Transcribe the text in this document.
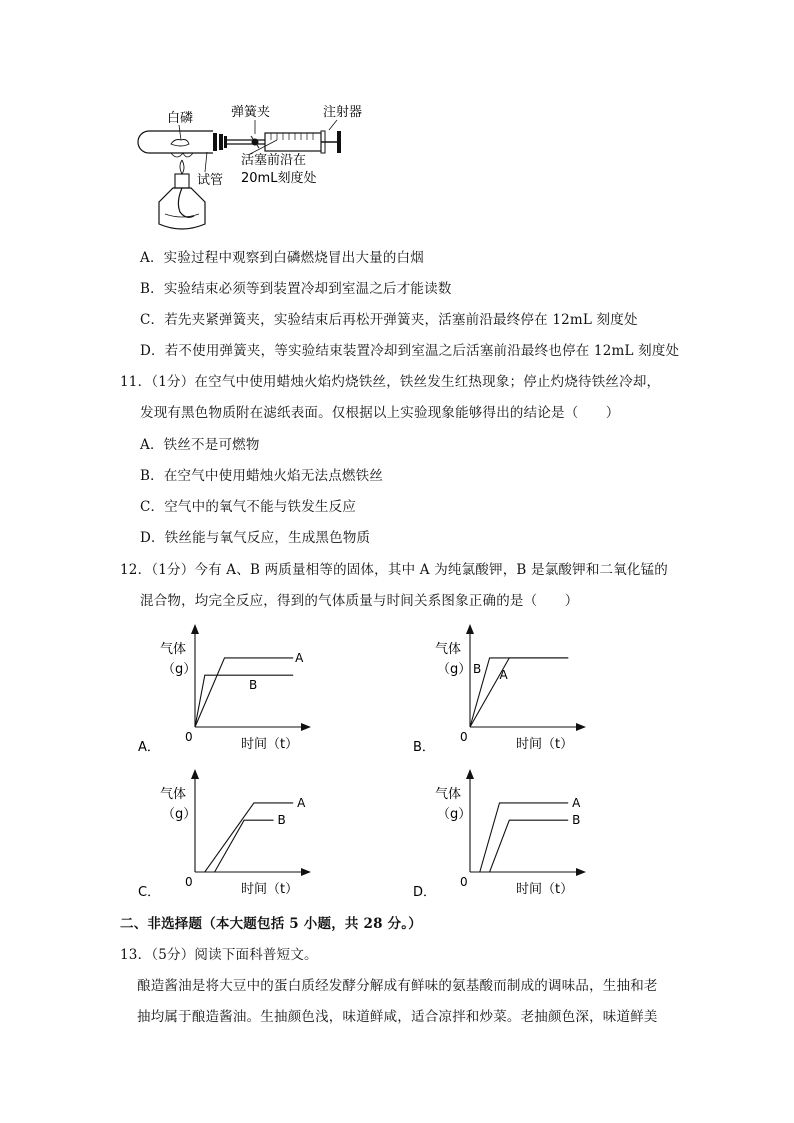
白磷	弹簧夹	注射器
试管
活塞前沿在
20mL刻度处
A．实验过程中观察到白磷燃烧冒出大量的白烟
B．实验结束必须等到装置冷却到室温之后才能读数
C．若先夹紧弹簧夹，实验结束后再松开弹簧夹，活塞前沿最终停在 12mL 刻度处
D．若不使用弹簧夹，等实验结束装置冷却到室温之后活塞前沿最终也停在 12mL 刻度处
11．（1分）在空气中使用蜡烛火焰灼烧铁丝，铁丝发生红热现象；停止灼烧待铁丝冷却，
发现有黑色物质附在滤纸表面。仅根据以上实验现象能够得出的结论是（　　）
A．铁丝不是可燃物
B．在空气中使用蜡烛火焰无法点燃铁丝
C．空气中的氧气不能与铁发生反应
D．铁丝能与氧气反应，生成黑色物质
12．（1分）今有 A、B 两质量相等的固体，其中 A 为纯氯酸钾，B 是氯酸钾和二氧化锰的
混合物，均完全反应，得到的气体质量与时间关系图象正确的是（　　）
气体
（g）
0	时间（t）
A．
A
B
气体
（g）
0	时间（t）
B．
A
B
气体
（g）
0	时间（t）
C．
A
B
气体
（g）
0	时间（t）
D．
A
B
二、非选择题（本大题包括 5 小题，共 28 分。）
13．（5分）阅读下面科普短文。
酿造酱油是将大豆中的蛋白质经发酵分解成有鲜味的氨基酸而制成的调味品，生抽和老
抽均属于酿造酱油。生抽颜色浅，味道鲜咸，适合凉拌和炒菜。老抽颜色深，味道鲜美
